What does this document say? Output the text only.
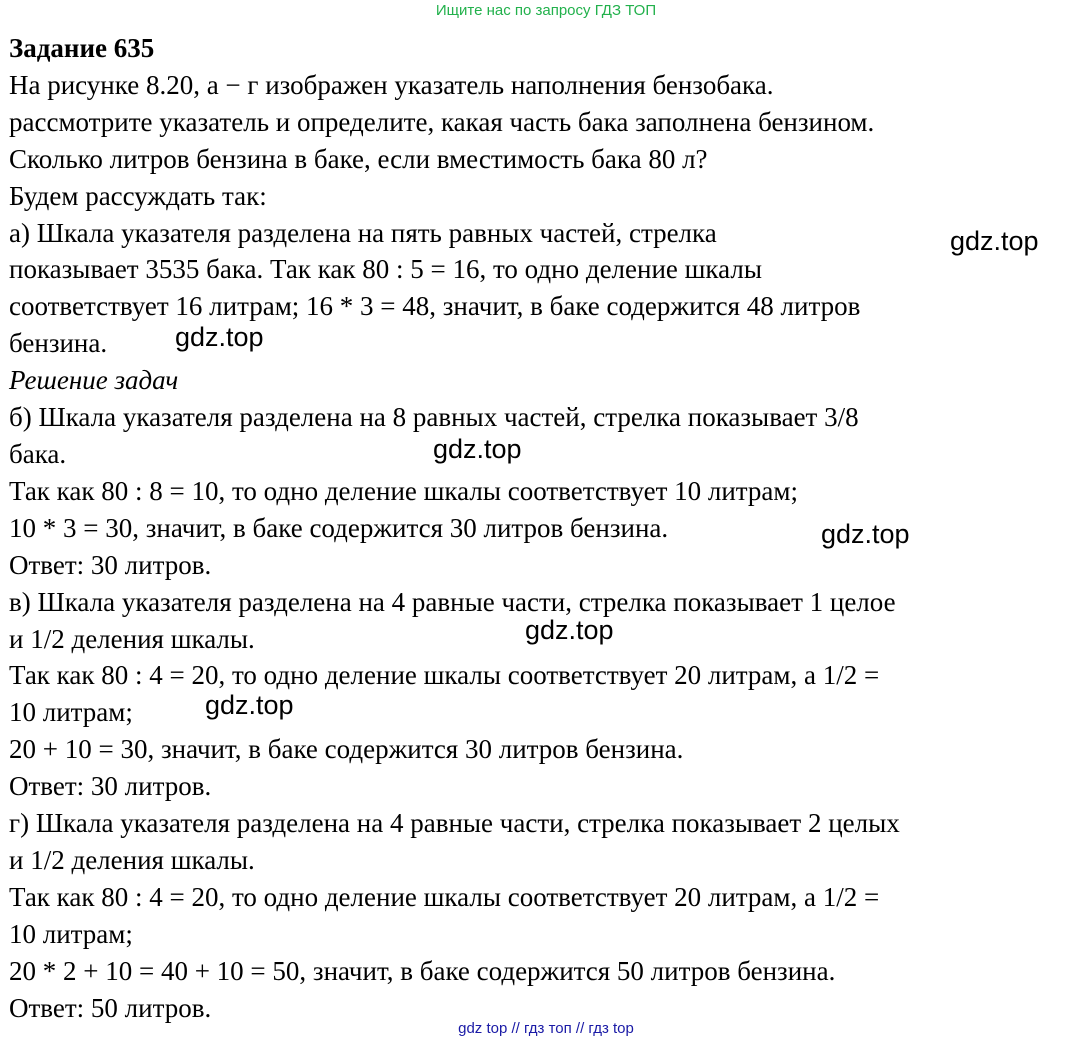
Ищите нас по запросу ГДЗ ТОП
Задание 635
На рисунке 8.20, а − г изображен указатель наполнения бензобака.
рассмотрите указатель и определите, какая часть бака заполнена бензином.
Сколько литров бензина в баке, если вместимость бака 80 л?
Будем рассуждать так:
а) Шкала указателя разделена на пять равных частей, стрелка
показывает 3535 бака. Так как 80 : 5 = 16, то одно деление шкалы
соответствует 16 литрам; 16 * 3 = 48, значит, в баке содержится 48 литров
бензина.
Решение задач
б) Шкала указателя разделена на 8 равных частей, стрелка показывает 3/8
бака.
Так как 80 : 8 = 10, то одно деление шкалы соответствует 10 литрам;
10 * 3 = 30, значит, в баке содержится 30 литров бензина.
Ответ: 30 литров.
в) Шкала указателя разделена на 4 равные части, стрелка показывает 1 целое
и 1/2 деления шкалы.
Так как 80 : 4 = 20, то одно деление шкалы соответствует 20 литрам, а 1/2 =
10 литрам;
20 + 10 = 30, значит, в баке содержится 30 литров бензина.
Ответ: 30 литров.
г) Шкала указателя разделена на 4 равные части, стрелка показывает 2 целых
и 1/2 деления шкалы.
Так как 80 : 4 = 20, то одно деление шкалы соответствует 20 литрам, а 1/2 =
10 литрам;
20 * 2 + 10 = 40 + 10 = 50, значит, в баке содержится 50 литров бензина.
Ответ: 50 литров.
gdz.top
gdz.top
gdz.top
gdz.top
gdz.top
gdz.top
gdz top // гдз топ // гдз top
